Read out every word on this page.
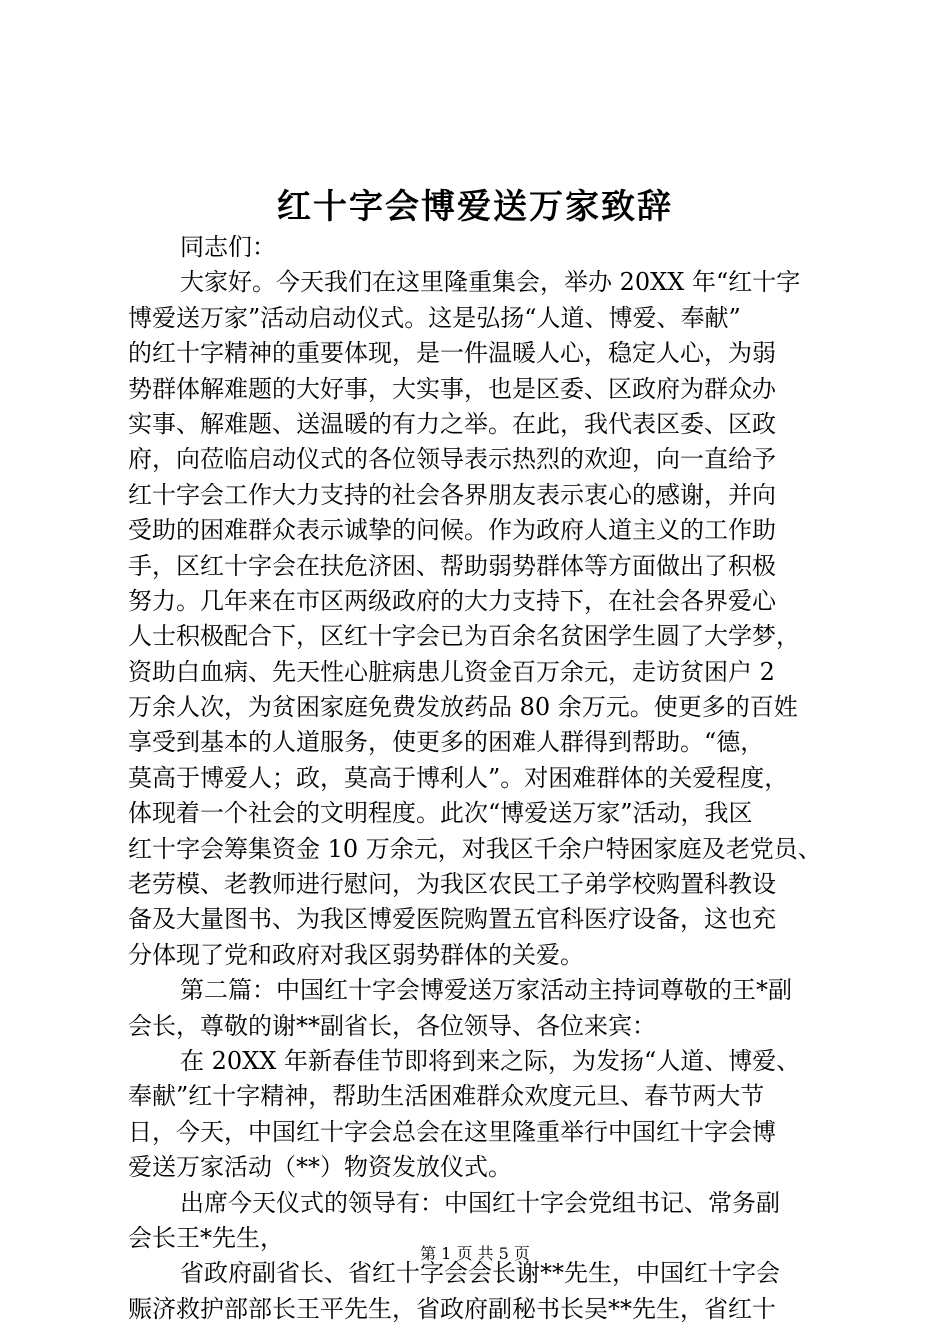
红十字会博爱送万家致辞
同志们：
大家好。今天我们在这里隆重集会，举办 20XX 年“红十字
博爱送万家”活动启动仪式。这是弘扬“人道、博爱、奉献”
的红十字精神的重要体现，是一件温暖人心，稳定人心，为弱
势群体解难题的大好事，大实事，也是区委、区政府为群众办
实事、解难题、送温暖的有力之举。在此，我代表区委、区政
府，向莅临启动仪式的各位领导表示热烈的欢迎，向一直给予
红十字会工作大力支持的社会各界朋友表示衷心的感谢，并向
受助的困难群众表示诚挚的问候。作为政府人道主义的工作助
手，区红十字会在扶危济困、帮助弱势群体等方面做出了积极
努力。几年来在市区两级政府的大力支持下，在社会各界爱心
人士积极配合下，区红十字会已为百余名贫困学生圆了大学梦，
资助白血病、先天性心脏病患儿资金百万余元，走访贫困户 2
万余人次，为贫困家庭免费发放药品 80 余万元。使更多的百姓
享受到基本的人道服务，使更多的困难人群得到帮助。“德，
莫高于博爱人；政，莫高于博利人”。对困难群体的关爱程度，
体现着一个社会的文明程度。此次“博爱送万家”活动，我区
红十字会筹集资金 10 万余元，对我区千余户特困家庭及老党员、
老劳模、老教师进行慰问，为我区农民工子弟学校购置科教设
备及大量图书、为我区博爱医院购置五官科医疗设备，这也充
分体现了党和政府对我区弱势群体的关爱。
第二篇：中国红十字会博爱送万家活动主持词尊敬的王*副
会长，尊敬的谢**副省长，各位领导、各位来宾：
在 20XX 年新春佳节即将到来之际，为发扬“人道、博爱、
奉献”红十字精神，帮助生活困难群众欢度元旦、春节两大节
日，今天，中国红十字会总会在这里隆重举行中国红十字会博
爱送万家活动（**）物资发放仪式。
出席今天仪式的领导有：中国红十字会党组书记、常务副
会长王*先生，
省政府副省长、省红十字会会长谢**先生，中国红十字会
赈济救护部部长王平先生，省政府副秘书长吴**先生，省红十
第 1 页 共 5 页
